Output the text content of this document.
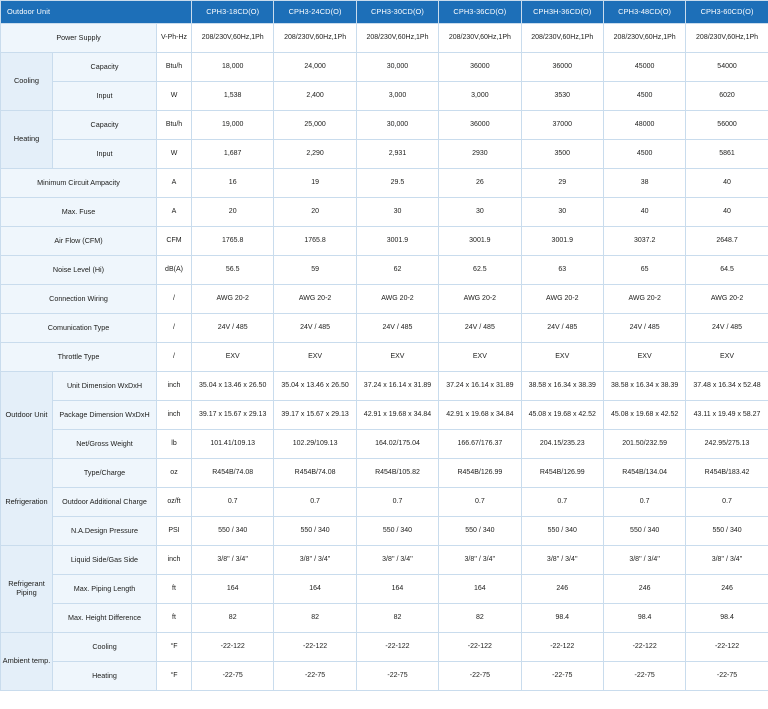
Outdoor Unit			CPH3-18CD(O)	CPH3-24CD(O)	CPH3-30CD(O)	CPH3-36CD(O)	CPH3H-36CD(O)	CPH3-48CD(O)	CPH3-60CD(O)
Power Supply		V-Ph-Hz	208/230V,60Hz,1Ph	208/230V,60Hz,1Ph	208/230V,60Hz,1Ph	208/230V,60Hz,1Ph	208/230V,60Hz,1Ph	208/230V,60Hz,1Ph	208/230V,60Hz,1Ph
Cooling	Capacity	Btu/h	18,000	24,000	30,000	36000	36000	45000	54000
	Input	W	1,538	2,400	3,000	3,000	3530	4500	6020
Heating	Capacity	Btu/h	19,000	25,000	30,000	36000	37000	48000	56000
	Input	W	1,687	2,290	2,931	2930	3500	4500	5861
Minimum Circuit Ampacity		A	16	19	29.5	26	29	38	40
Max. Fuse		A	20	20	30	30	30	40	40
Air Flow (CFM)		CFM	1765.8	1765.8	3001.9	3001.9	3001.9	3037.2	2648.7
Noise Level (Hi)		dB(A)	56.5	59	62	62.5	63	65	64.5
Connection Wiring		/	AWG 20-2	AWG 20-2	AWG 20-2	AWG 20-2	AWG 20-2	AWG 20-2	AWG 20-2
Comunication Type		/	24V / 485	24V / 485	24V / 485	24V / 485	24V / 485	24V / 485	24V / 485
Throttle Type		/	EXV	EXV	EXV	EXV	EXV	EXV	EXV
Outdoor Unit	Unit Dimension WxDxH	inch	35.04 x 13.46 x 26.50	35.04 x 13.46 x 26.50	37.24 x 16.14 x 31.89	37.24 x 16.14 x 31.89	38.58 x 16.34 x 38.39	38.58 x 16.34 x 38.39	37.48 x 16.34 x 52.48
	Package Dimension WxDxH	inch	39.17 x 15.67 x 29.13	39.17 x 15.67 x 29.13	42.91 x 19.68 x 34.84	42.91 x 19.68 x 34.84	45.08 x 19.68 x 42.52	45.08 x 19.68 x 42.52	43.11 x 19.49 x 58.27
	Net/Gross Weight	lb	101.41/109.13	102.29/109.13	164.02/175.04	166.67/176.37	204.15/235.23	201.50/232.59	242.95/275.13
Refrigeration	Type/Charge	oz	R454B/74.08	R454B/74.08	R454B/105.82	R454B/126.99	R454B/126.99	R454B/134.04	R454B/183.42
	Outdoor Additional Charge	oz/ft	0.7	0.7	0.7	0.7	0.7	0.7	0.7
	N.A.Design Pressure	PSI	550 / 340	550 / 340	550 / 340	550 / 340	550 / 340	550 / 340	550 / 340
Refrigerant Piping	Liquid Side/Gas Side	inch	3/8'' / 3/4''	3/8'' / 3/4''	3/8'' / 3/4''	3/8'' / 3/4''	3/8'' / 3/4''	3/8'' / 3/4''	3/8'' / 3/4''
	Max. Piping Length	ft	164	164	164	164	246	246	246
	Max. Height Difference	ft	82	82	82	82	98.4	98.4	98.4
Ambient temp.	Cooling	°F	-22-122	-22-122	-22-122	-22-122	-22-122	-22-122	-22-122
	Heating	°F	-22-75	-22-75	-22-75	-22-75	-22-75	-22-75	-22-75
